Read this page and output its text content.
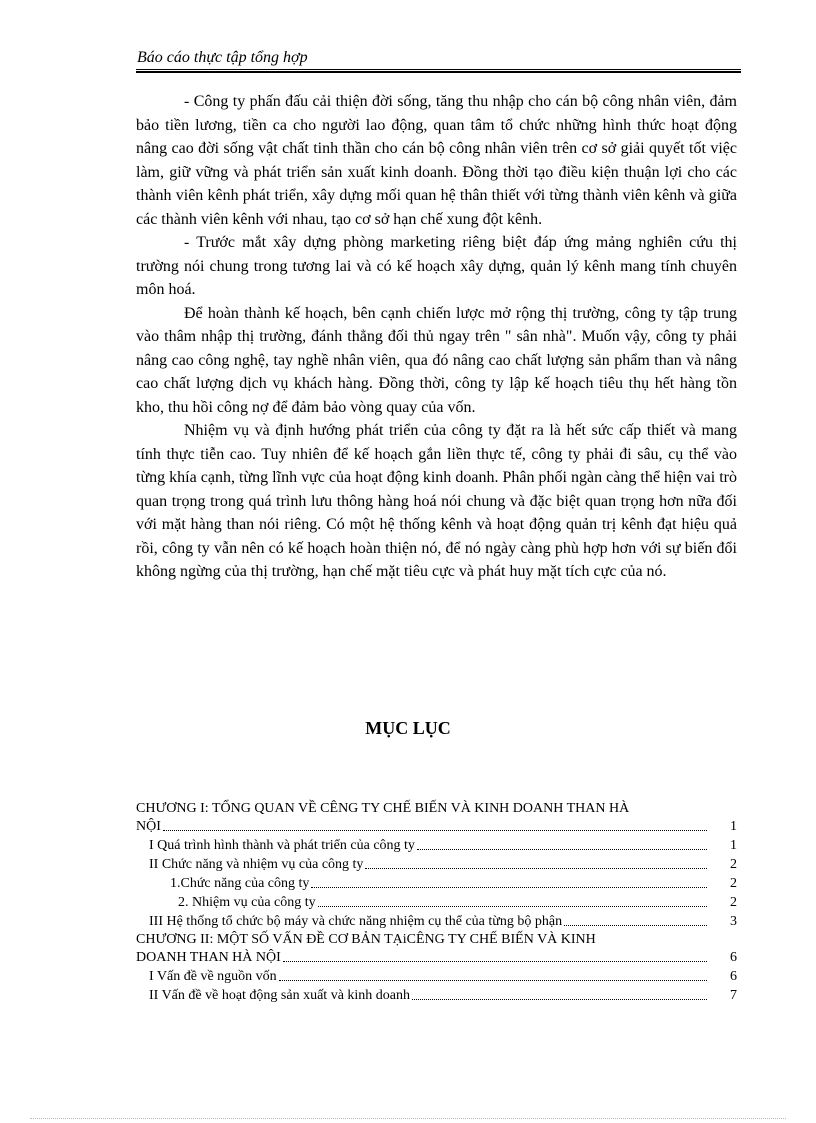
Báo cáo thực tập tổng hợp

- Công ty phấn đấu cải thiện đời sống, tăng thu nhập cho cán bộ công nhân viên, đảm bảo tiền lương, tiền ca cho người lao động, quan tâm tổ chức những hình thức hoạt động nâng cao đời sống vật chất tinh thần cho cán bộ công nhân viên trên cơ sở giải quyết tốt việc làm, giữ vững và phát triển sản xuất kinh doanh. Đồng thời tạo điều kiện thuận lợi cho các thành viên kênh phát triển, xây dựng mối quan hệ thân thiết với từng thành viên kênh và giữa các thành viên kênh với nhau, tạo cơ sở hạn chế xung đột kênh.

- Trước mắt xây dựng phòng marketing riêng biệt đáp ứng mảng nghiên cứu thị trường nói chung trong tương lai và có kế hoạch xây dựng, quản lý kênh mang tính chuyên môn hoá.

Để hoàn thành kế hoạch, bên cạnh chiến lược mở rộng thị trường, công ty tập trung vào thâm nhập thị trường, đánh thẳng đối thủ ngay trên " sân nhà". Muốn vậy, công ty phải nâng cao công nghệ, tay nghề nhân viên, qua đó nâng cao chất lượng sản phẩm than và nâng cao chất lượng dịch vụ khách hàng. Đồng thời, công ty lập kế hoạch tiêu thụ hết hàng tồn kho, thu hồi công nợ để đảm bảo vòng quay của vốn.

Nhiệm vụ và định hướng phát triển của công ty đặt ra là hết sức cấp thiết và mang tính thực tiễn cao. Tuy nhiên để kế hoạch gắn liền thực tế, công ty phải đi sâu, cụ thể vào từng khía cạnh, từng lĩnh vực của hoạt động kinh doanh. Phân phối ngàn càng thể hiện vai trò quan trọng trong quá trình lưu thông hàng hoá nói chung và đặc biệt quan trọng hơn nữa đối với mặt hàng than nói riêng. Có một hệ thống kênh và hoạt động quản trị kênh đạt hiệu quả rồi, công ty vẫn nên có kế hoạch hoàn thiện nó, để nó ngày càng phù hợp hơn với sự biến đổi không ngừng của thị trường, hạn chế mặt tiêu cực và phát huy mặt tích cực của nó.

MỤC LỤC
CHƯƠNG I: TỔNG QUAN VỀ CÊNG TY CHẾ BIẾN VÀ KINH DOANH THAN HÀ
NỘI	1
I Quá trình hình thành và phát triển của công ty	1
II Chức năng và nhiệm vụ của công ty	2
1.Chức năng của công ty	2
2. Nhiệm vụ của công ty	2
III Hệ thống tổ chức bộ máy và chức năng nhiệm cụ thể của từng bộ phận	3
CHƯƠNG II: MỘT SỐ VẤN ĐỀ CƠ BẢN TẠiCÊNG TY CHẾ BIẾN VÀ KINH
DOANH THAN HÀ NỘI	6
I Vấn đề về nguồn vốn	6
II Vấn đề về hoạt động sản xuất và kinh doanh	7
